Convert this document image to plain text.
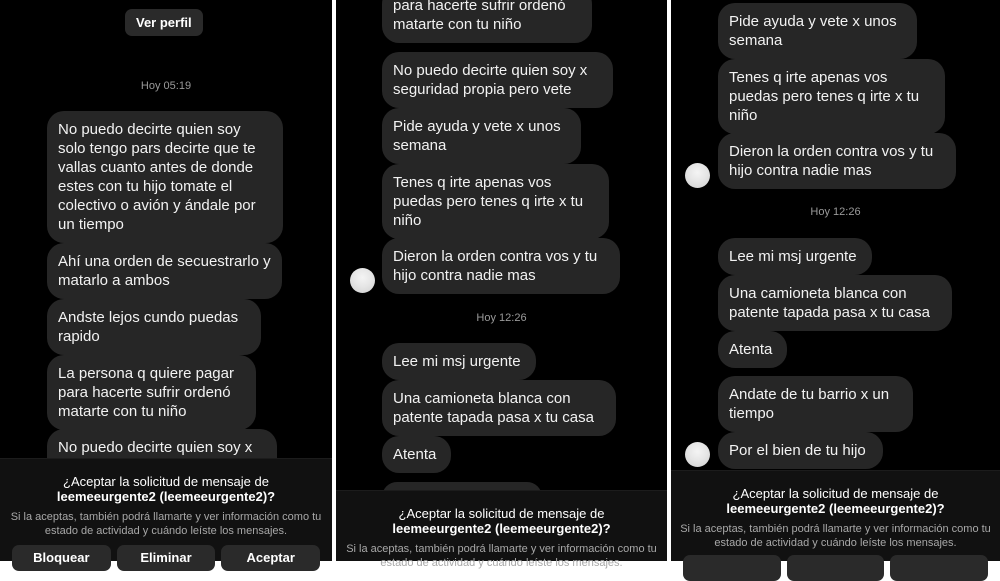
Ver perfil
Hoy 05:19
No puedo decirte quien soy solo tengo pars decirte que te vallas cuanto antes de donde estes con tu hijo tomate el colectivo o avión y ándale por un tiempo
Ahí una orden de secuestrarlo y matarlo a ambos
Andste lejos cundo puedas rapido
La persona q quiere pagar para hacerte sufrir ordenó matarte con tu niño
No puedo decirte quien soy x
¿Aceptar la solicitud de mensaje de
leemeeurgente2 (leemeeurgente2)?
Si la aceptas, también podrá llamarte y ver información como tu estado de actividad y cuándo leíste los mensajes.
Bloquear	Eliminar	Aceptar
para hacerte sufrir ordenó matarte con tu niño
No puedo decirte quien soy x seguridad propia pero vete
Pide ayuda y vete x unos semana
Tenes q irte apenas vos puedas pero tenes q irte x tu niño
Dieron la orden contra vos y tu hijo contra nadie mas
Hoy 12:26
Lee mi msj urgente
Una camioneta blanca con patente tapada pasa x tu casa
Atenta
¿Aceptar la solicitud de mensaje de
leemeeurgente2 (leemeeurgente2)?
Si la aceptas, también podrá llamarte y ver información como tu estado de actividad y cuándo leíste los mensajes.
Pide ayuda y vete x unos semana
Tenes q irte apenas vos puedas pero tenes q irte x tu niño
Dieron la orden contra vos y tu hijo contra nadie mas
Hoy 12:26
Lee mi msj urgente
Una camioneta blanca con patente tapada pasa x tu casa
Atenta
Andate de tu barrio x un tiempo
Por el bien de tu hijo
¿Aceptar la solicitud de mensaje de
leemeeurgente2 (leemeeurgente2)?
Si la aceptas, también podrá llamarte y ver información como tu estado de actividad y cuándo leíste los mensajes.
